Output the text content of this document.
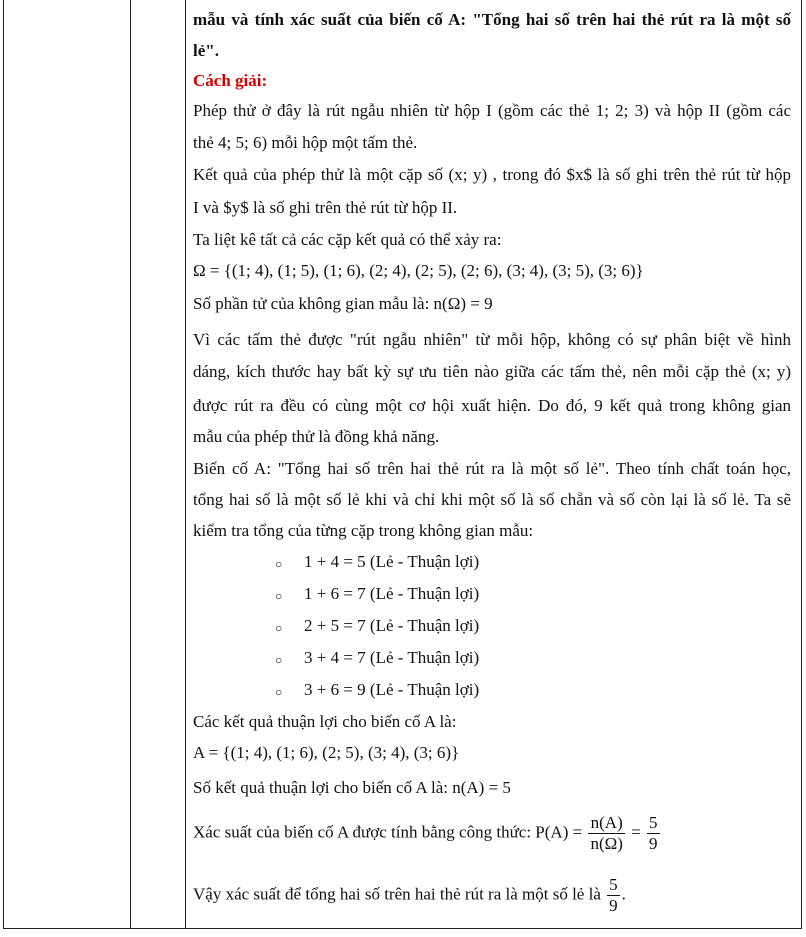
mẫu và tính xác suất của biến cố A: "Tổng hai số trên hai thẻ rút ra là một số
lẻ".
Cách giải:
Phép thử ở đây là rút ngẫu nhiên từ hộp I (gồm các thẻ 1; 2; 3) và hộp II (gồm các
thẻ 4; 5; 6) mỗi hộp một tấm thẻ.
Kết quả của phép thử là một cặp số (x; y) , trong đó $x$ là số ghi trên thẻ rút từ hộp
I và $y$ là số ghi trên thẻ rút từ hộp II.
Ta liệt kê tất cả các cặp kết quả có thể xảy ra:
Ω = {(1; 4), (1; 5), (1; 6), (2; 4), (2; 5), (2; 6), (3; 4), (3; 5), (3; 6)}
Số phần tử của không gian mẫu là: n(Ω) = 9
Vì các tấm thẻ được "rút ngẫu nhiên" từ mỗi hộp, không có sự phân biệt về hình
dáng, kích thước hay bất kỳ sự ưu tiên nào giữa các tấm thẻ, nên mỗi cặp thẻ (x; y)
được rút ra đều có cùng một cơ hội xuất hiện. Do đó, 9 kết quả trong không gian
mẫu của phép thử là đồng khả năng.
Biến cố A: "Tổng hai số trên hai thẻ rút ra là một số lẻ". Theo tính chất toán học,
tổng hai số là một số lẻ khi và chỉ khi một số là số chẵn và số còn lại là số lẻ. Ta sẽ
kiểm tra tổng của từng cặp trong không gian mẫu:
○ 1 + 4 = 5 (Lẻ - Thuận lợi)
○ 1 + 6 = 7 (Lẻ - Thuận lợi)
○ 2 + 5 = 7 (Lẻ - Thuận lợi)
○ 3 + 4 = 7 (Lẻ - Thuận lợi)
○ 3 + 6 = 9 (Lẻ - Thuận lợi)
Các kết quả thuận lợi cho biến cố A là:
A = {(1; 4), (1; 6), (2; 5), (3; 4), (3; 6)}
Số kết quả thuận lợi cho biến cố A là: n(A) = 5
Xác suất của biến cố A được tính bằng công thức: $P(A) = \frac{n(A)}{n(\Omega)} = \frac{5}{9}$
Vậy xác suất để tổng hai số trên hai thẻ rút ra là một số lẻ là $\frac{5}{9}$ .
